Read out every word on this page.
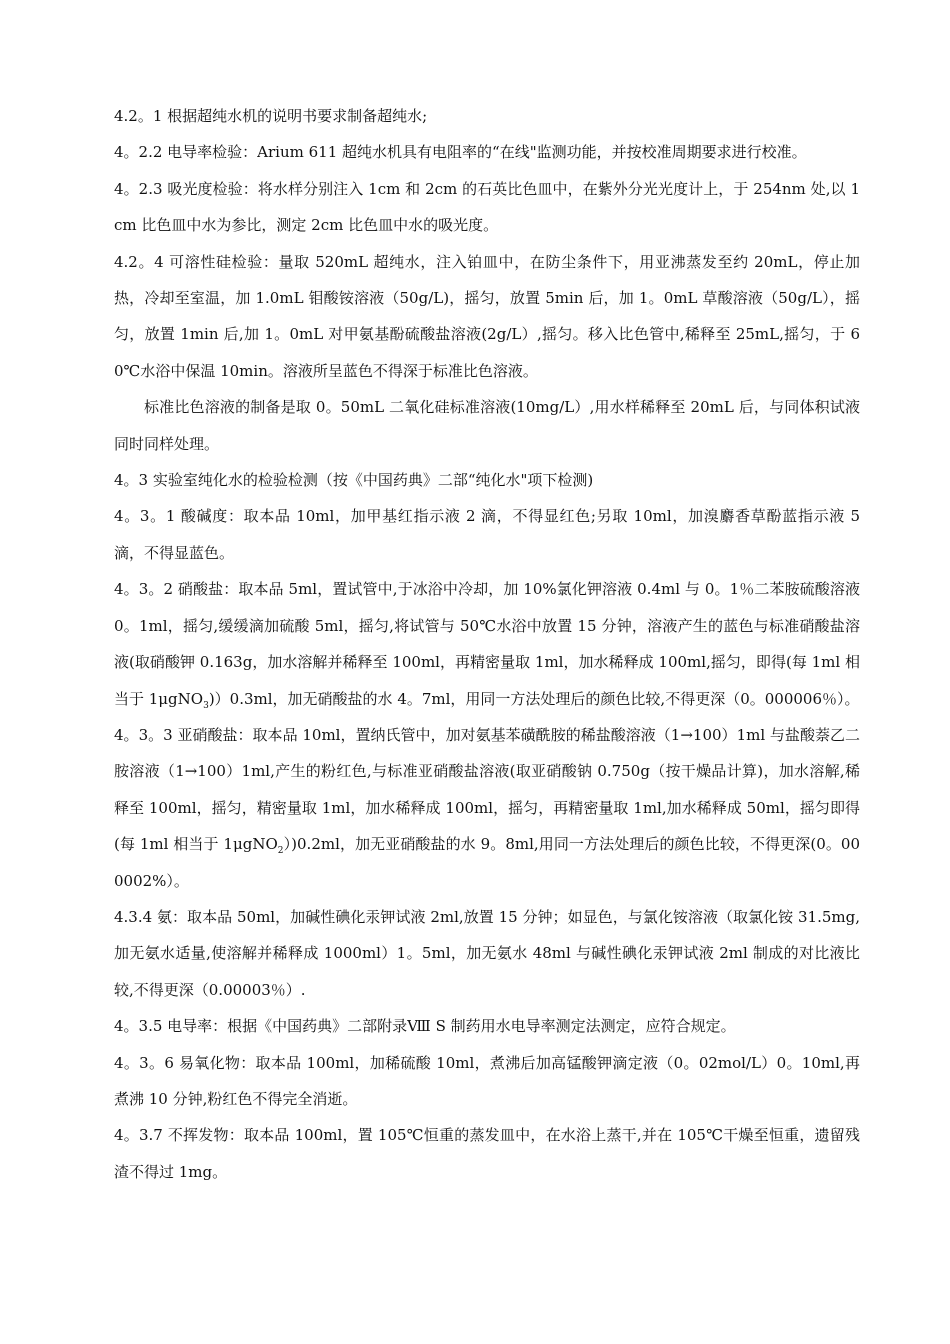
4.2。1 根据超纯水机的说明书要求制备超纯水;

4。2.2 电导率检验：Arium 611 超纯水机具有电阻率的“在线"监测功能，并按校准周期要求进行校准。

4。2.3 吸光度检验：将水样分别注入 1cm 和 2cm 的石英比色皿中，在紫外分光光度计上，于 254nm 处,以 1cm 比色皿中水为参比，测定 2cm 比色皿中水的吸光度。

4.2。4 可溶性硅检验：量取 520mL 超纯水，注入铂皿中，在防尘条件下，用亚沸蒸发至约 20mL，停止加热，冷却至室温，加 1.0mL 钼酸铵溶液（50g/L)，摇匀，放置 5min 后，加 1。0mL 草酸溶液（50g/L），摇匀，放置 1min 后,加 1。0mL 对甲氨基酚硫酸盐溶液(2g/L）,摇匀。移入比色管中,稀释至 25mL,摇匀，于 60℃水浴中保温 10min。溶液所呈蓝色不得深于标准比色溶液。

标准比色溶液的制备是取 0。50mL 二氧化硅标准溶液(10mg/L）,用水样稀释至 20mL 后，与同体积试液同时同样处理。

4。3 实验室纯化水的检验检测（按《中国药典》二部“纯化水"项下检测)

4。3。1 酸碱度：取本品 10ml，加甲基红指示液 2 滴，不得显红色;另取 10ml，加溴麝香草酚蓝指示液 5 滴，不得显蓝色。

4。3。2 硝酸盐：取本品 5ml，置试管中,于冰浴中冷却，加 10%氯化钾溶液 0.4ml 与 0。1％二苯胺硫酸溶液 0。1ml，摇匀,缓缓滴加硫酸 5ml，摇匀,将试管与 50℃水浴中放置 15 分钟，溶液产生的蓝色与标准硝酸盐溶液(取硝酸钾 0.163g，加水溶解并稀释至 100ml，再精密量取 1ml，加水稀释成 100ml,摇匀，即得(每 1ml 相当于 1μgNO$_3$)）0.3ml，加无硝酸盐的水 4。7ml，用同一方法处理后的颜色比较,不得更深（0。000006％）。

4。3。3 亚硝酸盐：取本品 10ml，置纳氏管中，加对氨基苯磺酰胺的稀盐酸溶液（1→100）1ml 与盐酸萘乙二胺溶液（1→100）1ml,产生的粉红色,与标准亚硝酸盐溶液(取亚硝酸钠 0.750g（按干燥品计算)，加水溶解,稀释至 100ml，摇匀，精密量取 1ml，加水稀释成 100ml，摇匀，再精密量取 1ml,加水稀释成 50ml，摇匀即得(每 1ml 相当于 1μgNO$_2$）)0.2ml，加无亚硝酸盐的水 9。8ml,用同一方法处理后的颜色比较，不得更深(0。000002%）。

4.3.4 氨：取本品 50ml，加碱性碘化汞钾试液 2ml,放置 15 分钟；如显色，与氯化铵溶液（取氯化铵 31.5mg,加无氨水适量,使溶解并稀释成 1000ml）1。5ml，加无氨水 48ml 与碱性碘化汞钾试液 2ml 制成的对比液比较,不得更深（0.00003％）.

4。3.5 电导率：根据《中国药典》二部附录Ⅷ S 制药用水电导率测定法测定，应符合规定。

4。3。6 易氧化物：取本品 100ml，加稀硫酸 10ml，煮沸后加高锰酸钾滴定液（0。02mol/L）0。10ml,再煮沸 10 分钟,粉红色不得完全消逝。

4。3.7 不挥发物：取本品 100ml，置 105℃恒重的蒸发皿中，在水浴上蒸干,并在 105℃干燥至恒重，遗留残渣不得过 1mg。
